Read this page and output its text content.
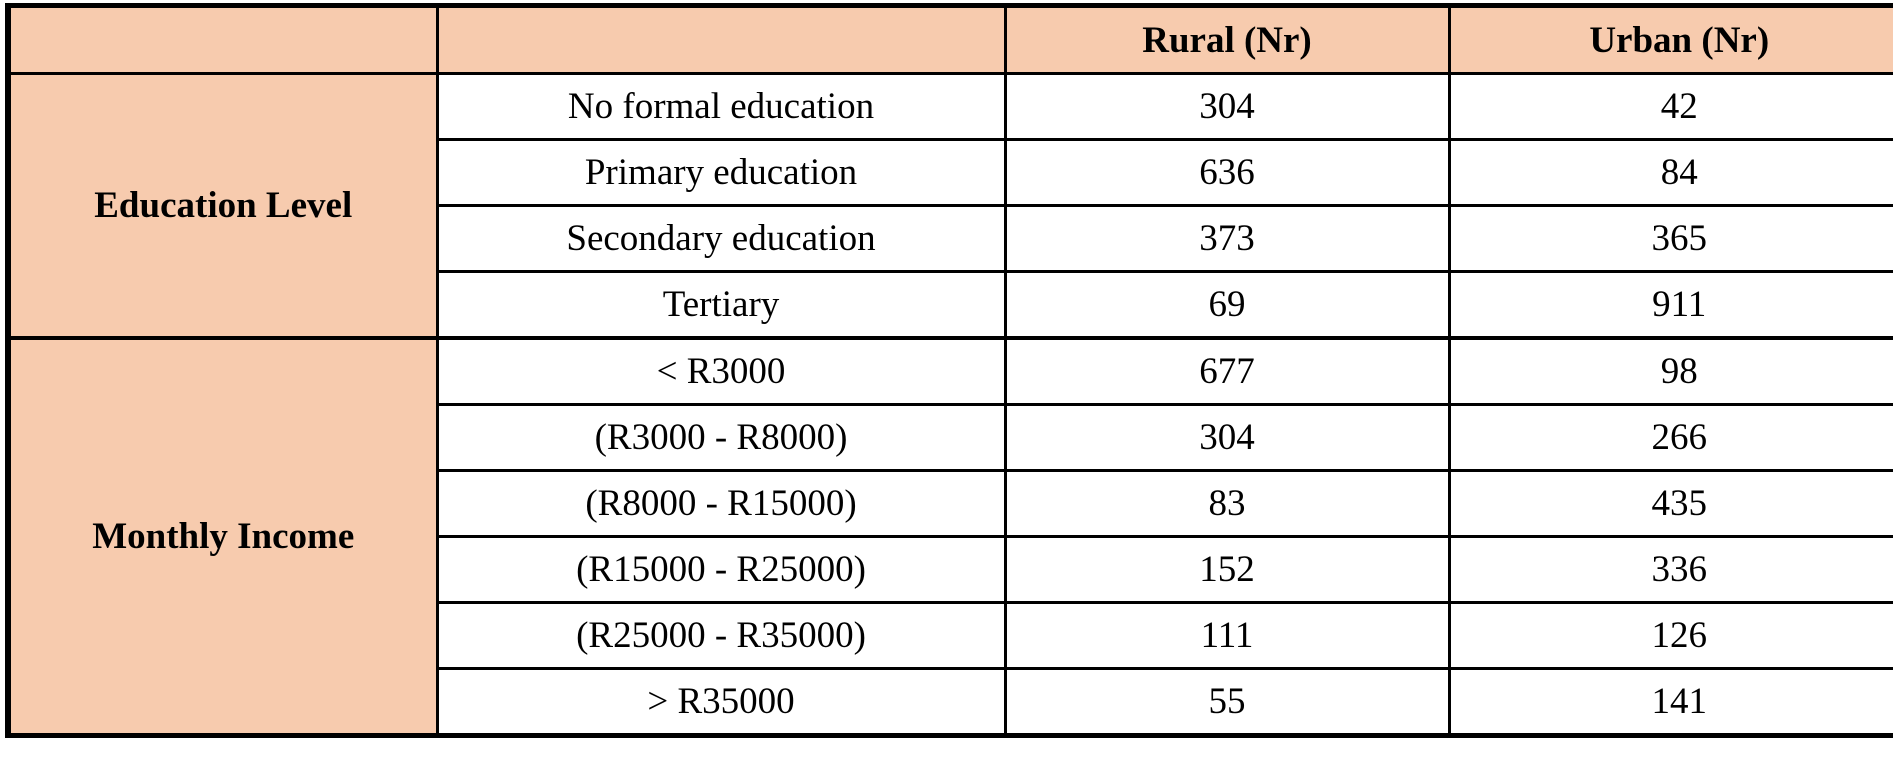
		Rural (Nr)	Urban (Nr)
Education Level	No formal education	304	42
	Primary education	636	84
	Secondary education	373	365
	Tertiary	69	911
Monthly Income	< R3000	677	98
	(R3000 - R8000)	304	266
	(R8000 - R15000)	83	435
	(R15000 - R25000)	152	336
	(R25000 - R35000)	111	126
	> R35000	55	141
